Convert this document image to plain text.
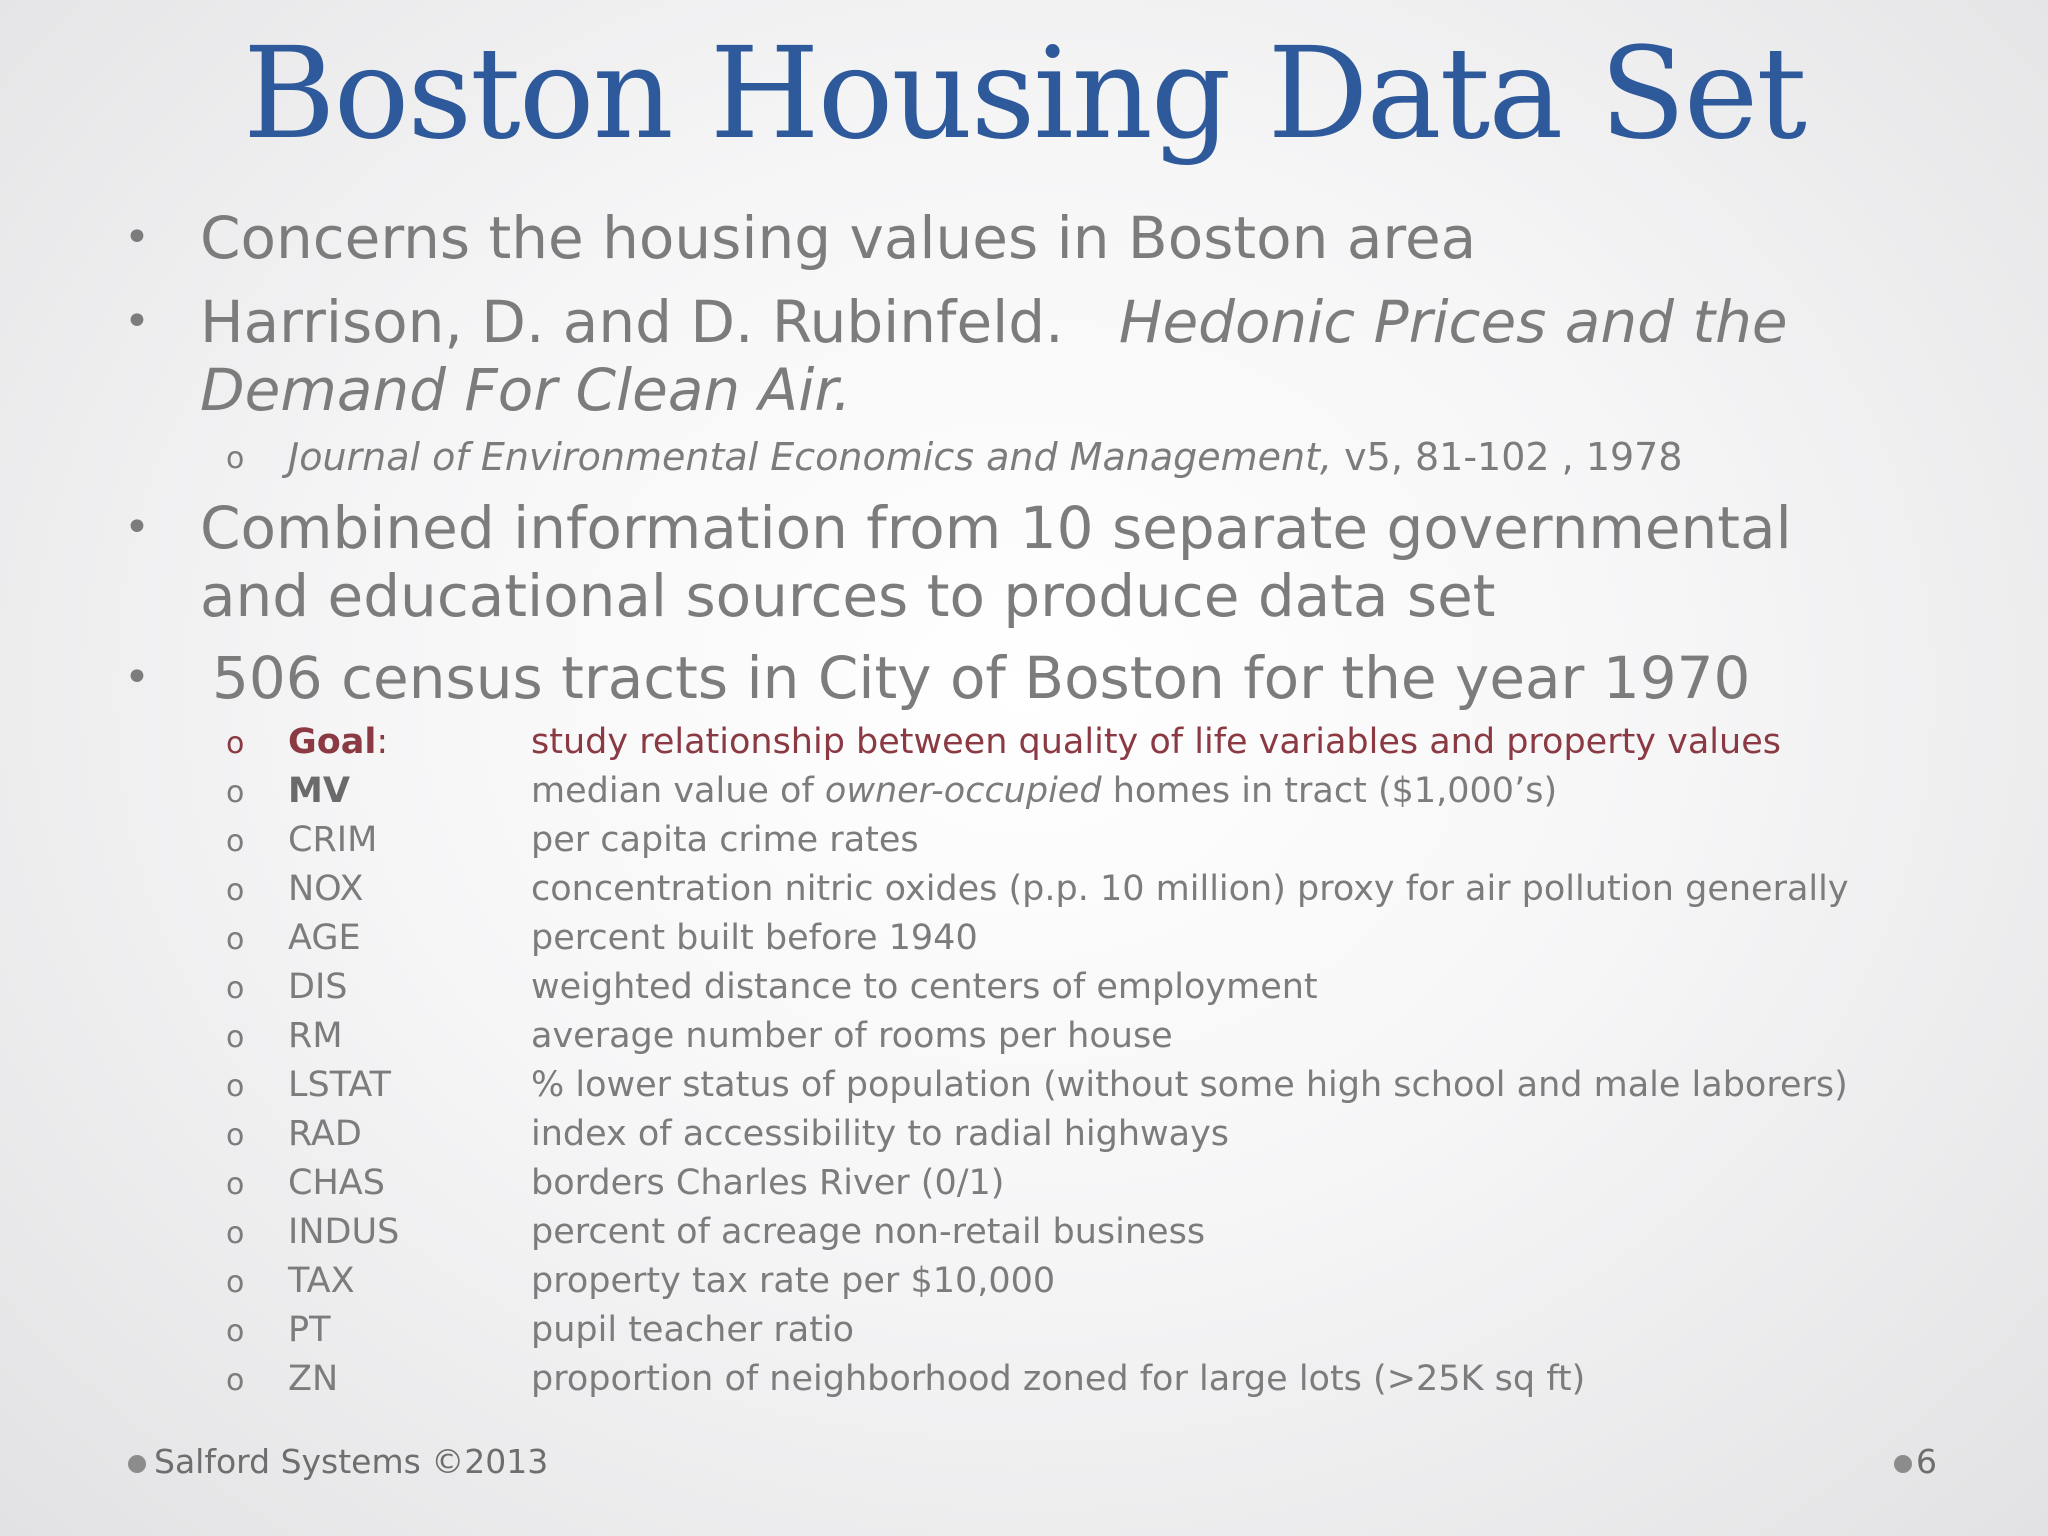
Boston Housing Data Set
• Concerns the housing values in Boston area
• Harrison, D. and D. Rubinfeld. Hedonic Prices and the
Demand For Clean Air.
o Journal of Environmental Economics and Management, v5, 81-102 , 1978
• Combined information from 10 separate governmental
and educational sources to produce data set
• 506 census tracts in City of Boston for the year 1970
o Goal:	study relationship between quality of life variables and property values
o MV	median value of owner-occupied homes in tract ($1,000’s)
o CRIM	per capita crime rates
o NOX	concentration nitric oxides (p.p. 10 million) proxy for air pollution generally
o AGE	percent built before 1940
o DIS	weighted distance to centers of employment
o RM	average number of rooms per house
o LSTAT	% lower status of population (without some high school and male laborers)
o RAD	index of accessibility to radial highways
o CHAS	borders Charles River (0/1)
o INDUS	percent of acreage non-retail business
o TAX	property tax rate per $10,000
o PT	pupil teacher ratio
o ZN	proportion of neighborhood zoned for large lots (>25K sq ft)
Salford Systems ©2013	6
